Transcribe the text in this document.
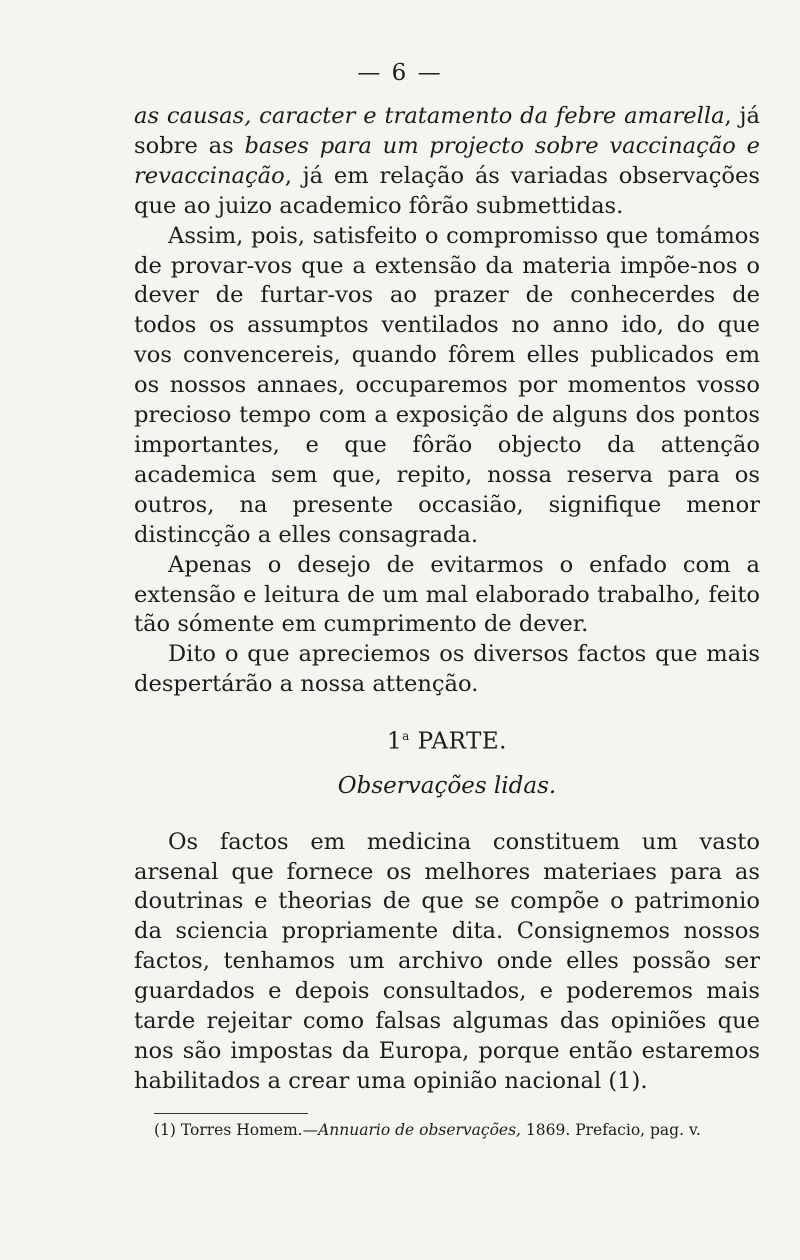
— 6 —

as causas, caracter e tratamento da febre amarella, já sobre as bases para um projecto sobre vaccinação e revaccinação, já em relação ás variadas observações que ao juizo academico fôrão submettidas.

Assim, pois, satisfeito o compromisso que tomámos de provar-vos que a extensão da materia impõe-nos o dever de furtar-vos ao prazer de conhecerdes de todos os assumptos ventilados no anno ido, do que vos convencereis, quando fôrem elles publicados em os nossos annaes, occuparemos por momentos vosso precioso tempo com a exposição de alguns dos pontos importantes, e que fôrão objecto da attenção academica sem que, repito, nossa reserva para os outros, na presente occasião, signifique menor distincção a elles consagrada.

Apenas o desejo de evitarmos o enfado com a extensão e leitura de um mal elaborado trabalho, feito tão sómente em cumprimento de dever.

Dito o que apreciemos os diversos factos que mais despertárão a nossa attenção.

1$^a$ PARTE.
Observações lidas.

Os factos em medicina constituem um vasto arsenal que fornece os melhores materiaes para as doutrinas e theorias de que se compõe o patrimonio da sciencia propriamente dita. Consignemos nossos factos, tenhamos um archivo onde elles possão ser guardados e depois consultados, e poderemos mais tarde rejeitar como falsas algumas das opiniões que nos são impostas da Europa, porque então estaremos habilitados a crear uma opinião nacional (1).

(1) Torres Homem.—Annuario de observações, 1869. Prefacio, pag. v.
